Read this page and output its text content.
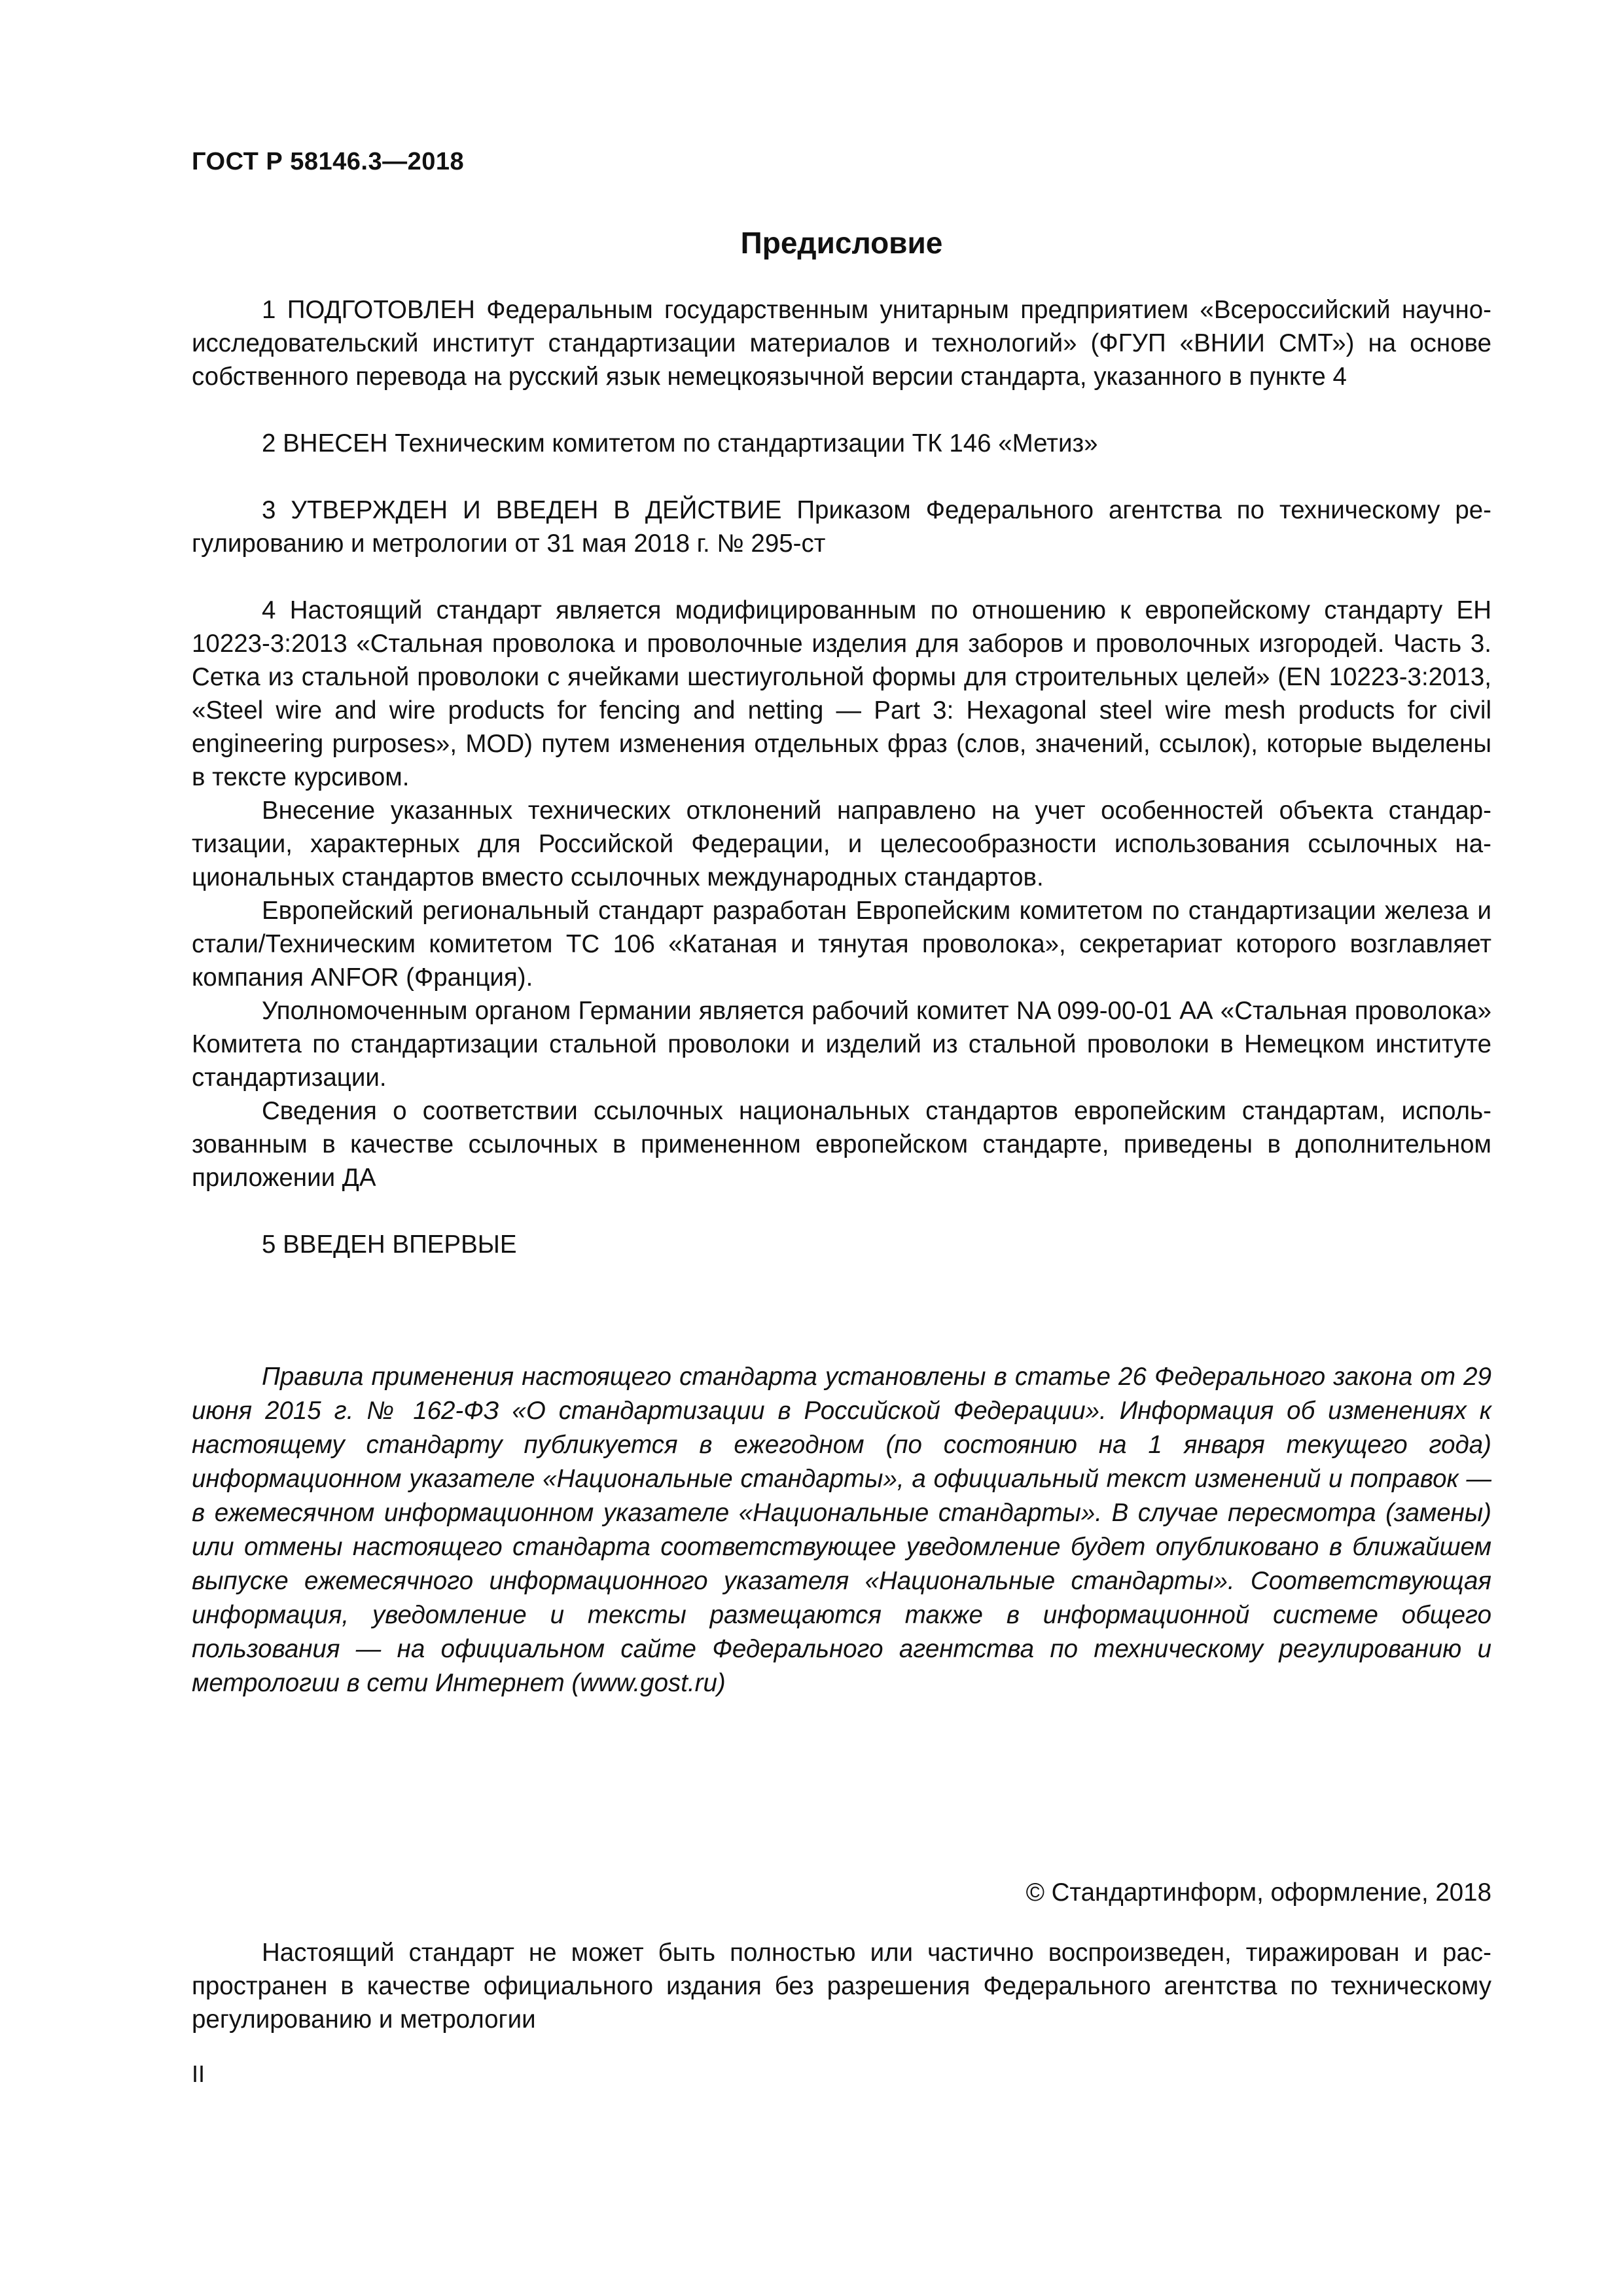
ГОСТ Р 58146.3—2018
Предисловие

1 ПОДГОТОВЛЕН Федеральным государственным унитарным предприятием «Всероссийский научно-исследовательский институт стандартизации материалов и технологий» (ФГУП «ВНИИ СМТ») на основе собственного перевода на русский язык немецкоязычной версии стандарта, указанного в пункте 4

2 ВНЕСЕН Техническим комитетом по стандартизации ТК 146 «Метиз»

3 УТВЕРЖДЕН И ВВЕДЕН В ДЕЙСТВИЕ Приказом Федерального агентства по техническому регулированию и метрологии от 31 мая 2018 г. № 295-ст

4 Настоящий стандарт является модифицированным по отношению к европейскому стандарту ЕН 10223-3:2013 «Стальная проволока и проволочные изделия для заборов и проволочных изгородей. Часть 3. Сетка из стальной проволоки с ячейками шестиугольной формы для строительных целей» (EN 10223-3:2013, «Steel wire and wire products for fencing and netting — Part 3: Hexagonal steel wire mesh products for civil engineering purposes», MOD) путем изменения отдельных фраз (слов, значений, ссылок), которые выделены в тексте курсивом.

Внесение указанных технических отклонений направлено на учет особенностей объекта стандартизации, характерных для Российской Федерации, и целесообразности использования ссылочных национальных стандартов вместо ссылочных международных стандартов.

Европейский региональный стандарт разработан Европейским комитетом по стандартизации железа и стали/Техническим комитетом ТС 106 «Катаная и тянутая проволока», секретариат которого возглавляет компания ANFOR (Франция).

Уполномоченным органом Германии является рабочий комитет NA 099-00-01 АА «Стальная проволока» Комитета по стандартизации стальной проволоки и изделий из стальной проволоки в Немецком институте стандартизации.

Сведения о соответствии ссылочных национальных стандартов европейским стандартам, использованным в качестве ссылочных в примененном европейском стандарте, приведены в дополнительном приложении ДА

5 ВВЕДЕН ВПЕРВЫЕ

Правила применения настоящего стандарта установлены в статье 26 Федерального закона от 29 июня 2015 г. № 162-ФЗ «О стандартизации в Российской Федерации». Информация об изменениях к настоящему стандарту публикуется в ежегодном (по состоянию на 1 января текущего года) информационном указателе «Национальные стандарты», а официальный текст изменений и поправок — в ежемесячном информационном указателе «Национальные стандарты». В случае пересмотра (замены) или отмены настоящего стандарта соответствующее уведомление будет опубликовано в ближайшем выпуске ежемесячного информационного указателя «Национальные стандарты». Соответствующая информация, уведомление и тексты размещаются также в информационной системе общего пользования — на официальном сайте Федерального агентства по техническому регулированию и метрологии в сети Интернет (www.gost.ru)

© Стандартинформ, оформление, 2018

Настоящий стандарт не может быть полностью или частично воспроизведен, тиражирован и распространен в качестве официального издания без разрешения Федерального агентства по техническому регулированию и метрологии

II
